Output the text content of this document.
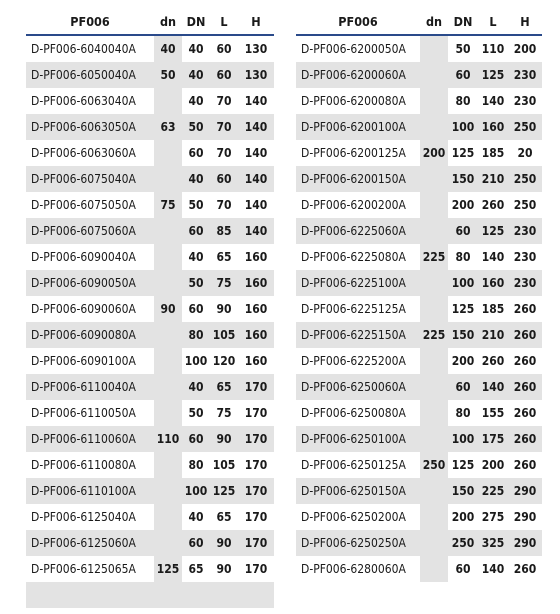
PF006	dn	DN	L	H
D-PF006-6040040A	40	40	60	130
D-PF006-6050040A	50	40	60	130
D-PF006-6063040A		40	70	140
D-PF006-6063050A	63	50	70	140
D-PF006-6063060A		60	70	140
D-PF006-6075040A		40	60	140
D-PF006-6075050A	75	50	70	140
D-PF006-6075060A		60	85	140
D-PF006-6090040A		40	65	160
D-PF006-6090050A		50	75	160
D-PF006-6090060A	90	60	90	160
D-PF006-6090080A		80	105	160
D-PF006-6090100A		100	120	160
D-PF006-6110040A		40	65	170
D-PF006-6110050A		50	75	170
D-PF006-6110060A	110	60	90	170
D-PF006-6110080A		80	105	170
D-PF006-6110100A		100	125	170
D-PF006-6125040A		40	65	170
D-PF006-6125060A		60	90	170
D-PF006-6125065A	125	65	90	170

PF006	dn	DN	L	H
D-PF006-6200050A		50	110	200
D-PF006-6200060A		60	125	230
D-PF006-6200080A		80	140	230
D-PF006-6200100A		100	160	250
D-PF006-6200125A	200	125	185	20
D-PF006-6200150A		150	210	250
D-PF006-6200200A		200	260	250
D-PF006-6225060A		60	125	230
D-PF006-6225080A	225	80	140	230
D-PF006-6225100A		100	160	230
D-PF006-6225125A		125	185	260
D-PF006-6225150A	225	150	210	260
D-PF006-6225200A		200	260	260
D-PF006-6250060A		60	140	260
D-PF006-6250080A		80	155	260
D-PF006-6250100A		100	175	260
D-PF006-6250125A	250	125	200	260
D-PF006-6250150A		150	225	290
D-PF006-6250200A		200	275	290
D-PF006-6250250A		250	325	290
D-PF006-6280060A		60	140	260
